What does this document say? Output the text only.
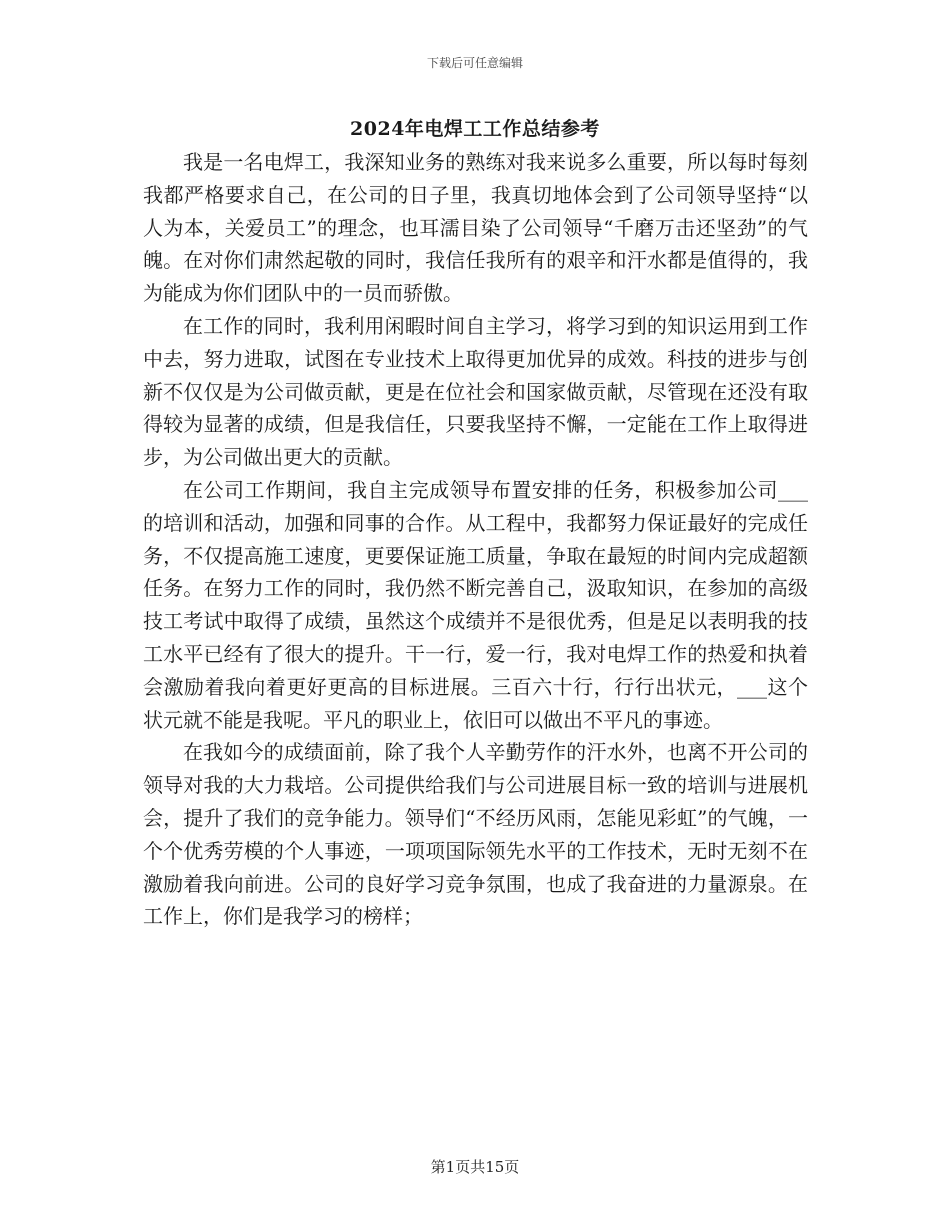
下载后可任意编辑
2024年电焊工工作总结参考

我是一名电焊工，我深知业务的熟练对我来说多么重要，所以每时每刻我都严格要求自己，在公司的日子里，我真切地体会到了公司领导坚持“以人为本，关爱员工”的理念，也耳濡目染了公司领导“千磨万击还坚劲”的气魄。在对你们肃然起敬的同时，我信任我所有的艰辛和汗水都是值得的，我为能成为你们团队中的一员而骄傲。

在工作的同时，我利用闲暇时间自主学习，将学习到的知识运用到工作中去，努力进取，试图在专业技术上取得更加优异的成效。科技的进步与创新不仅仅是为公司做贡献，更是在位社会和国家做贡献，尽管现在还没有取得较为显著的成绩，但是我信任，只要我坚持不懈，一定能在工作上取得进步，为公司做出更大的贡献。

在公司工作期间，我自主完成领导布置安排的任务，积极参加公司___的培训和活动，加强和同事的合作。从工程中，我都努力保证最好的完成任务，不仅提高施工速度，更要保证施工质量，争取在最短的时间内完成超额任务。在努力工作的同时，我仍然不断完善自己，汲取知识，在参加的高级技工考试中取得了成绩，虽然这个成绩并不是很优秀，但是足以表明我的技工水平已经有了很大的提升。干一行，爱一行，我对电焊工作的热爱和执着会激励着我向着更好更高的目标进展。三百六十行，行行出状元，___这个状元就不能是我呢。平凡的职业上，依旧可以做出不平凡的事迹。

在我如今的成绩面前，除了我个人辛勤劳作的汗水外，也离不开公司的领导对我的大力栽培。公司提供给我们与公司进展目标一致的培训与进展机会，提升了我们的竞争能力。领导们“不经历风雨，怎能见彩虹”的气魄，一个个优秀劳模的个人事迹，一项项国际领先水平的工作技术，无时无刻不在激励着我向前进。公司的良好学习竞争氛围，也成了我奋进的力量源泉。在工作上，你们是我学习的榜样；

第1页共15页
